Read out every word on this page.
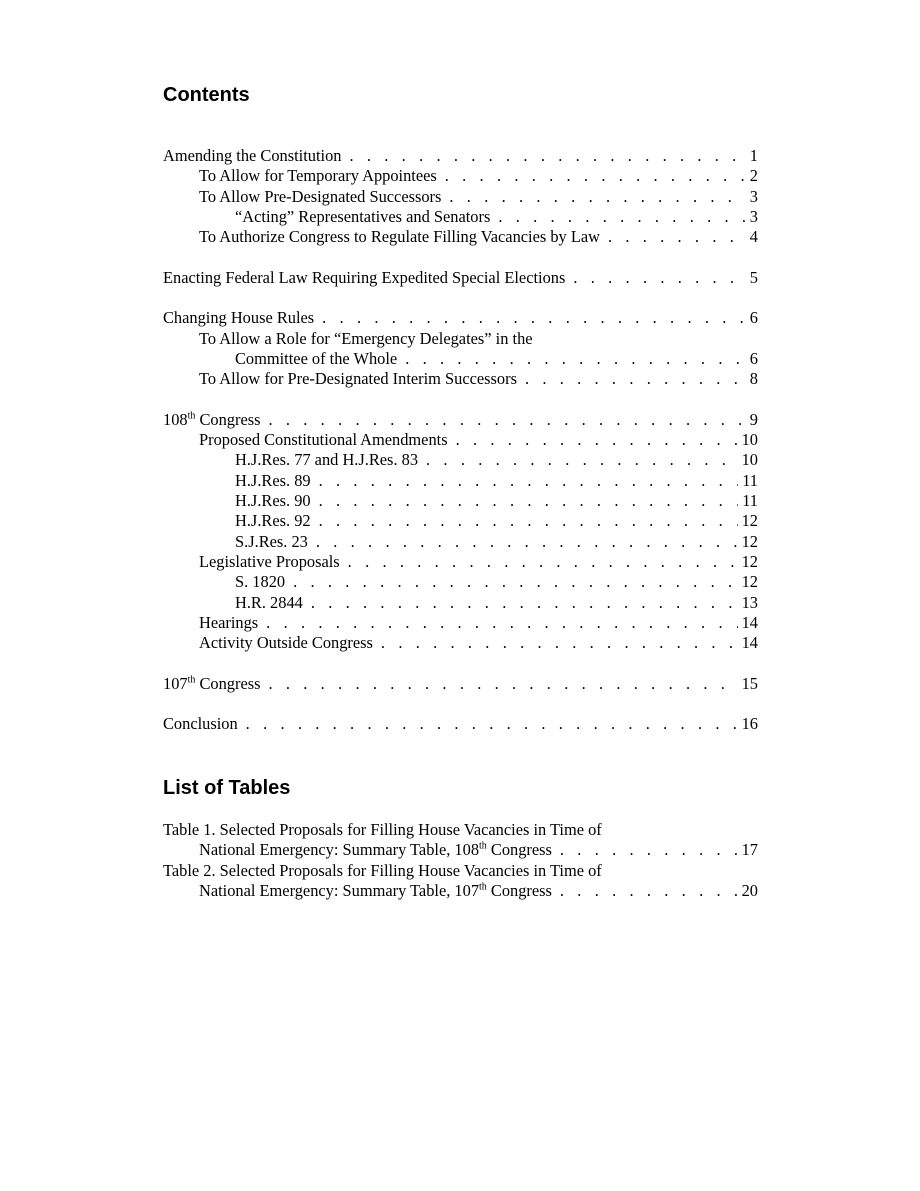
Contents
Amending the Constitution . . .	1
To Allow for Temporary Appointees . . .	2
To Allow Pre-Designated Successors . . .	3
“Acting” Representatives and Senators . . .	3
To Authorize Congress to Regulate Filling Vacancies by Law . . .	4
Enacting Federal Law Requiring Expedited Special Elections . . .	5
Changing House Rules . . .	6
To Allow a Role for “Emergency Delegates” in the
Committee of the Whole . . .	6
To Allow for Pre-Designated Interim Successors . . .	8
108th Congress . . .	9
Proposed Constitutional Amendments . . .	10
H.J.Res. 77 and H.J.Res. 83 . . .	10
H.J.Res. 89 . . .	11
H.J.Res. 90 . . .	11
H.J.Res. 92 . . .	12
S.J.Res. 23 . . .	12
Legislative Proposals . . .	12
S. 1820 . . .	12
H.R. 2844 . . .	13
Hearings . . .	14
Activity Outside Congress . . .	14
107th Congress . . .	15
Conclusion . . .	16
List of Tables
Table 1. Selected Proposals for Filling House Vacancies in Time of
National Emergency: Summary Table, 108th Congress . . .	17
Table 2. Selected Proposals for Filling House Vacancies in Time of
National Emergency: Summary Table, 107th Congress . . .	20
